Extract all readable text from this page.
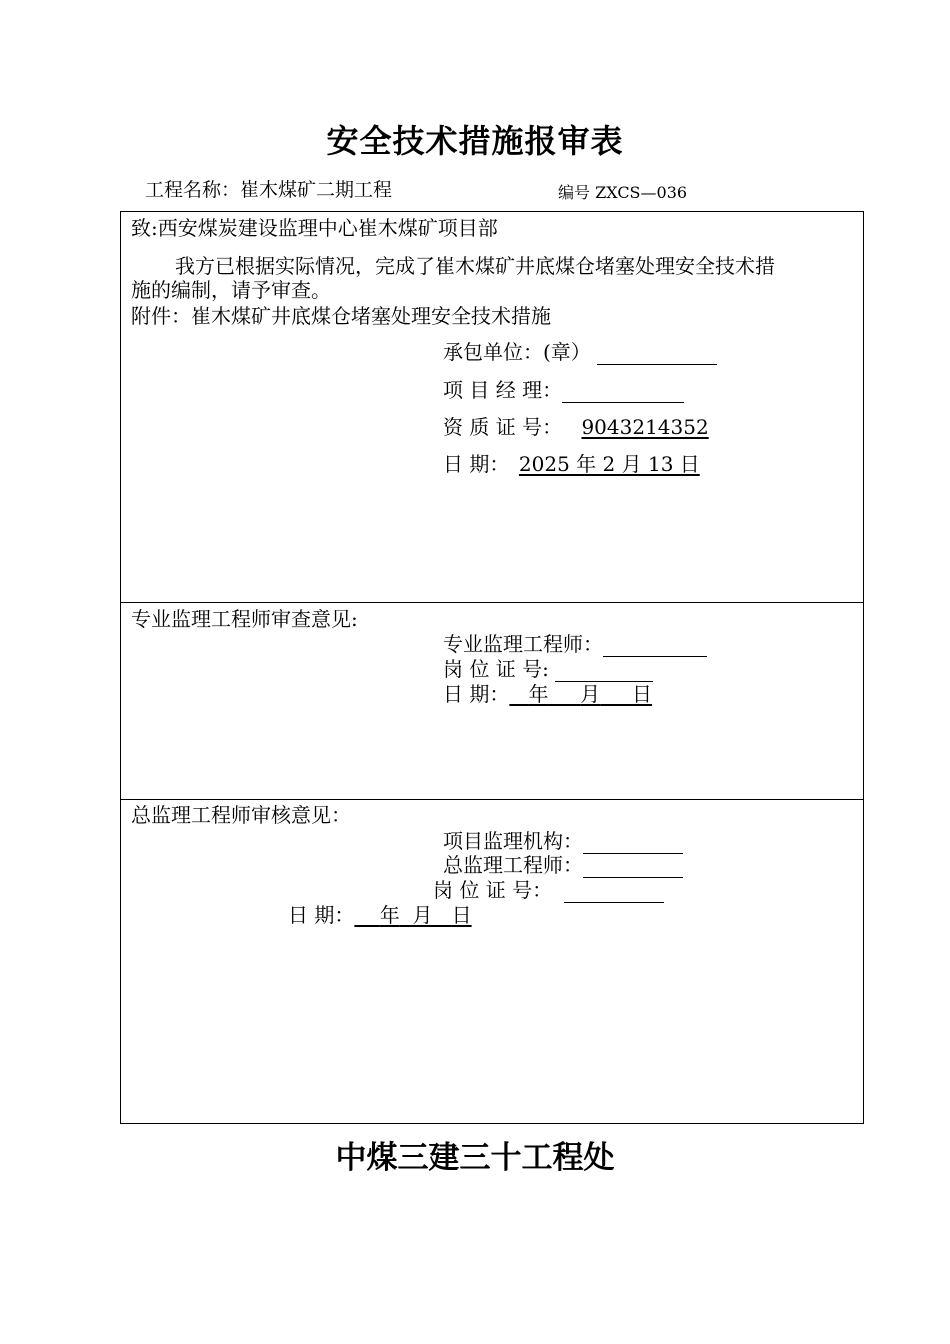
安全技术措施报审表
工程名称：崔木煤矿二期工程	编号 ZXCS—036
致:西安煤炭建设监理中心崔木煤矿项目部
我方已根据实际情况，完成了崔木煤矿井底煤仓堵塞处理安全技术措
施的编制，请予审查。
附件：崔木煤矿井底煤仓堵塞处理安全技术措施
承包单位：(章）
项 目 经 理：
资 质 证 号： 9043214352
日 期： 2025 年 2 月 13 日
专业监理工程师审查意见:
专业监理工程师：
岗 位 证 号:
日 期： 年 月 日
总监理工程师审核意见：
项目监理机构：
总监理工程师：
岗 位 证 号：
日 期： 年 月 日
中煤三建三十工程处
